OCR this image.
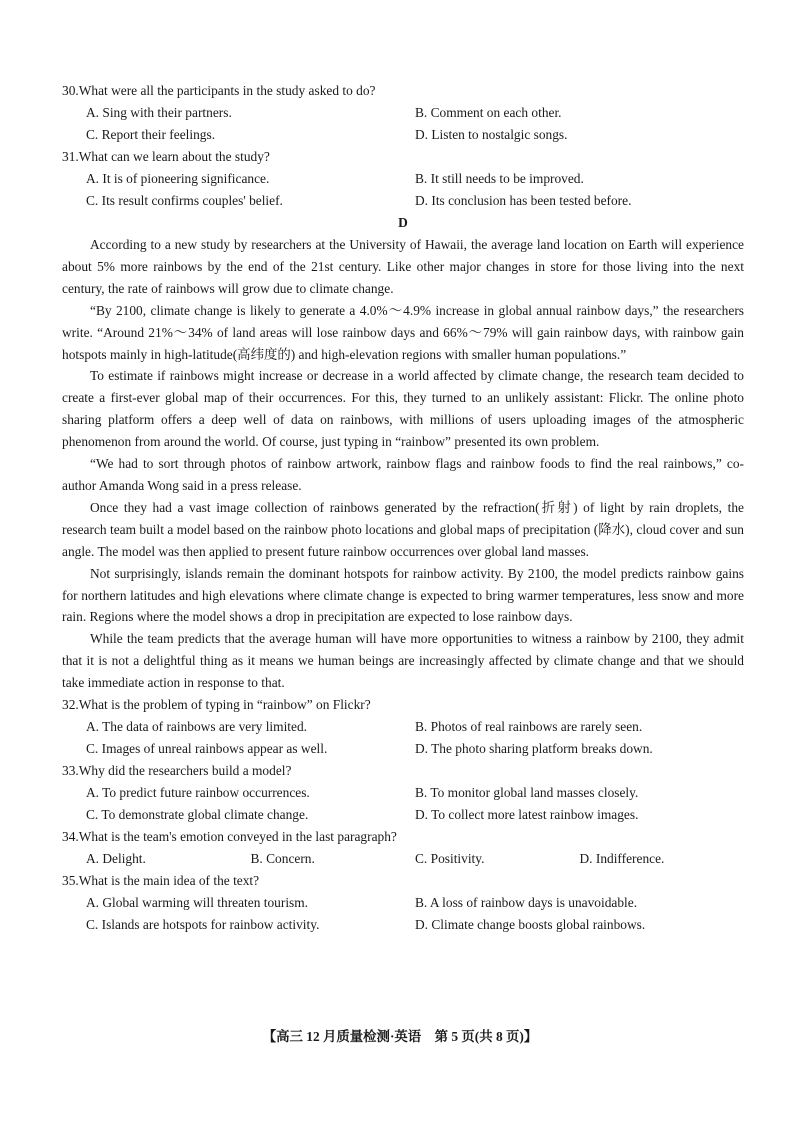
30.What were all the participants in the study asked to do?
A. Sing with their partners.	B. Comment on each other.
C. Report their feelings.	D. Listen to nostalgic songs.
31.What can we learn about the study?
A. It is of pioneering significance.	B. It still needs to be improved.
C. Its result confirms couples' belief.	D. Its conclusion has been tested before.
D

According to a new study by researchers at the University of Hawaii, the average land location on Earth will experience about 5% more rainbows by the end of the 21st century. Like other major changes in store for those living into the next century, the rate of rainbows will grow due to climate change.

“By 2100, climate change is likely to generate a 4.0%～4.9% increase in global annual rainbow days,” the researchers write. “Around 21%～34% of land areas will lose rainbow days and 66%～79% will gain rainbow days, with rainbow gain hotspots mainly in high-latitude(高纬度的) and high-elevation regions with smaller human populations.”

To estimate if rainbows might increase or decrease in a world affected by climate change, the research team decided to create a first-ever global map of their occurrences. For this, they turned to an unlikely assistant: Flickr. The online photo sharing platform offers a deep well of data on rainbows, with millions of users uploading images of the atmospheric phenomenon from around the world. Of course, just typing in “rainbow” presented its own problem.

“We had to sort through photos of rainbow artwork, rainbow flags and rainbow foods to find the real rainbows,” co-author Amanda Wong said in a press release.

Once they had a vast image collection of rainbows generated by the refraction(折射) of light by rain droplets, the research team built a model based on the rainbow photo locations and global maps of precipitation (降水), cloud cover and sun angle. The model was then applied to present future rainbow occurrences over global land masses.

Not surprisingly, islands remain the dominant hotspots for rainbow activity. By 2100, the model predicts rainbow gains for northern latitudes and high elevations where climate change is expected to bring warmer temperatures, less snow and more rain. Regions where the model shows a drop in precipitation are expected to lose rainbow days.

While the team predicts that the average human will have more opportunities to witness a rainbow by 2100, they admit that it is not a delightful thing as it means we human beings are increasingly affected by climate change and that we should take immediate action in response to that.

32.What is the problem of typing in “rainbow” on Flickr?
A. The data of rainbows are very limited.	B. Photos of real rainbows are rarely seen.
C. Images of unreal rainbows appear as well.	D. The photo sharing platform breaks down.
33.Why did the researchers build a model?
A. To predict future rainbow occurrences.	B. To monitor global land masses closely.
C. To demonstrate global climate change.	D. To collect more latest rainbow images.
34.What is the team's emotion conveyed in the last paragraph?
A. Delight.	B. Concern.	C. Positivity.	D. Indifference.
35.What is the main idea of the text?
A. Global warming will threaten tourism.	B. A loss of rainbow days is unavoidable.
C. Islands are hotspots for rainbow activity.	D. Climate change boosts global rainbows.
【高三 12 月质量检测·英语　第 5 页(共 8 页)】
